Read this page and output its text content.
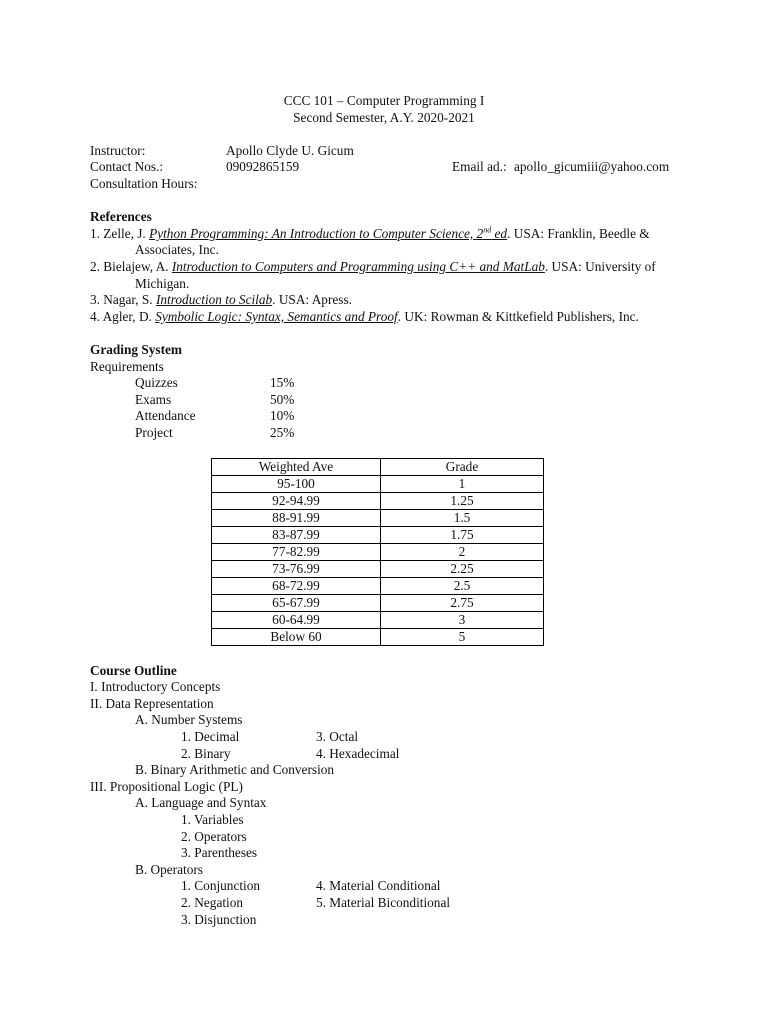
CCC 101 – Computer Programming I
Second Semester, A.Y. 2020-2021
Instructor:	Apollo Clyde U. Gicum
Contact Nos.:	09092865159	Email ad.: apollo_gicumiii@yahoo.com
Consultation Hours:
References
1. Zelle, J. Python Programming: An Introduction to Computer Science, 2nd ed. USA: Franklin, Beedle & Associates, Inc.
2. Bielajew, A. Introduction to Computers and Programming using C++ and MatLab. USA: University of Michigan.
3. Nagar, S. Introduction to Scilab. USA: Apress.
4. Agler, D. Symbolic Logic: Syntax, Semantics and Proof. UK: Rowman & Kittkefield Publishers, Inc.
Grading System
Requirements
Quizzes	15%
Exams	50%
Attendance	10%
Project	25%
Weighted Ave	Grade
95-100	1
92-94.99	1.25
88-91.99	1.5
83-87.99	1.75
77-82.99	2
73-76.99	2.25
68-72.99	2.5
65-67.99	2.75
60-64.99	3
Below 60	5
Course Outline
I. Introductory Concepts
II. Data Representation
A. Number Systems
1. Decimal	3. Octal
2. Binary	4. Hexadecimal
B. Binary Arithmetic and Conversion
III. Propositional Logic (PL)
A. Language and Syntax
1. Variables
2. Operators
3. Parentheses
B. Operators
1. Conjunction	4. Material Conditional
2. Negation	5. Material Biconditional
3. Disjunction
